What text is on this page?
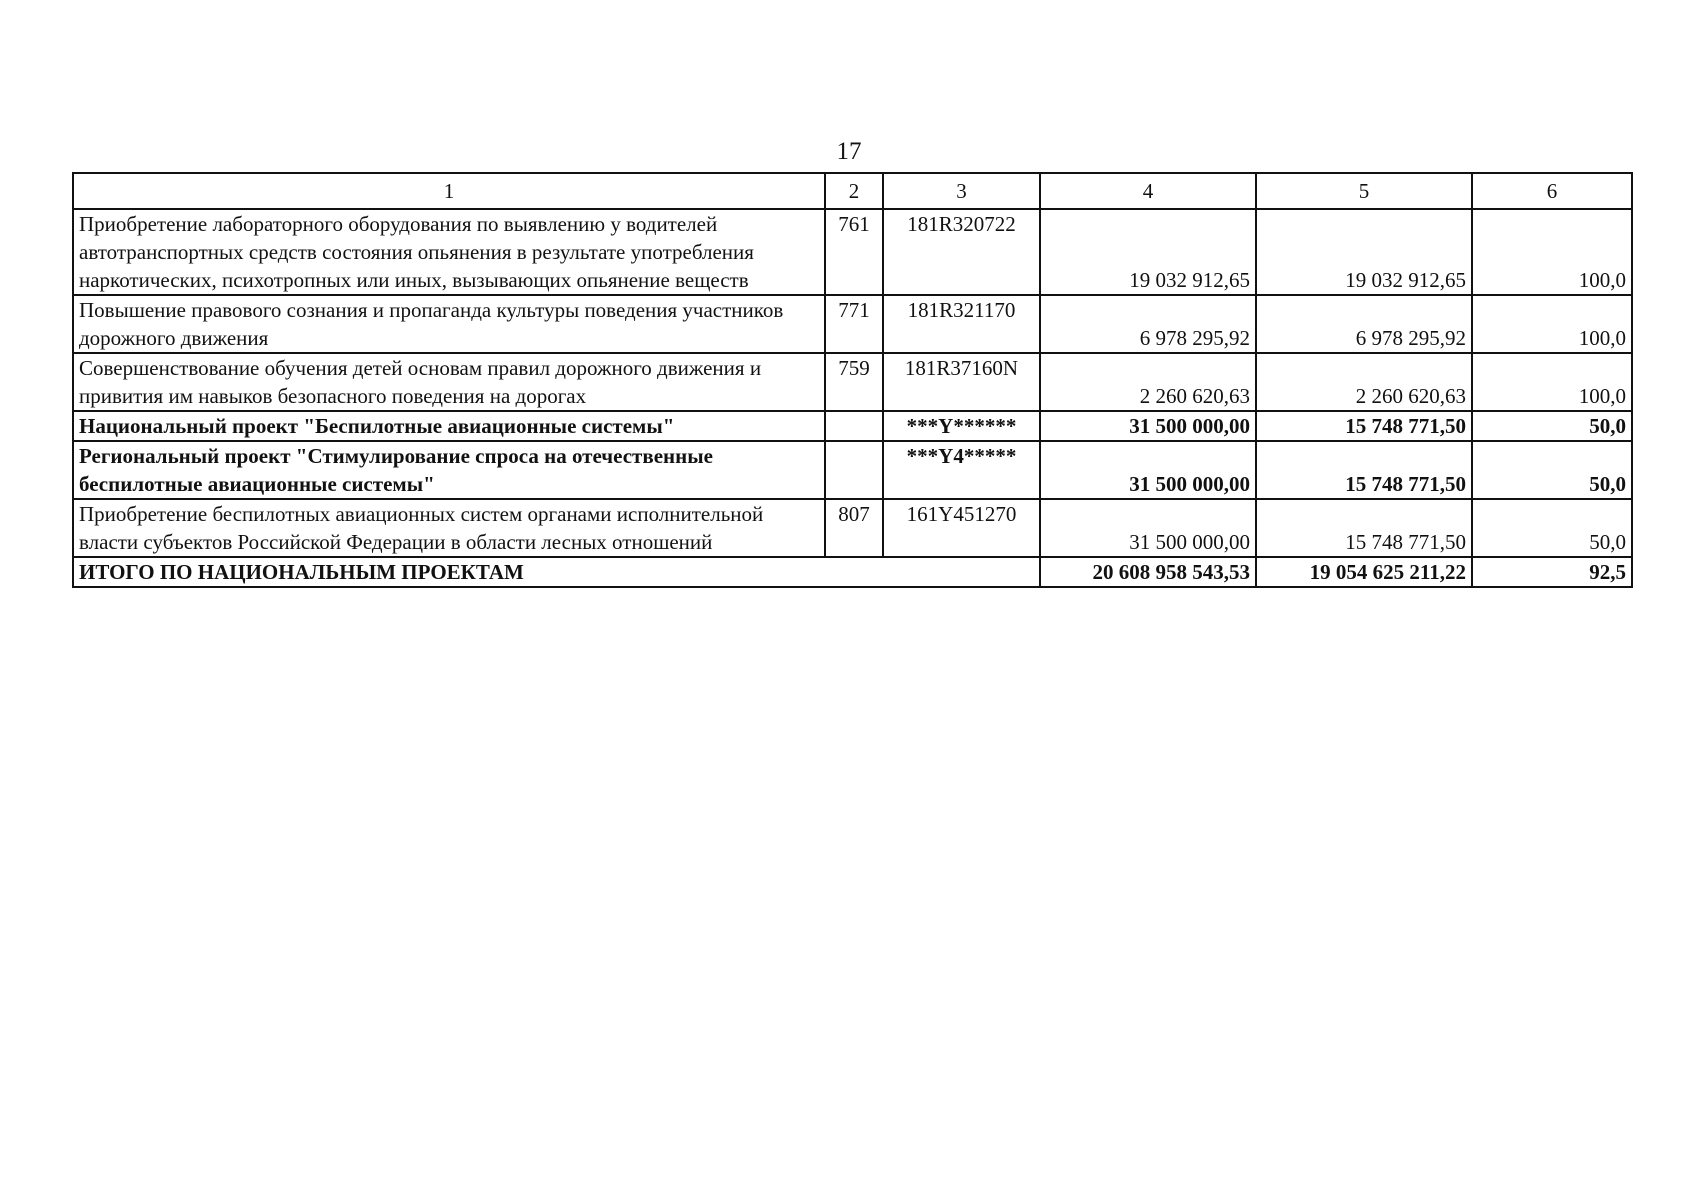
17
1	2	3	4	5	6
Приобретение лабораторного оборудования по выявлению у водителей автотранспортных средств состояния опьянения в результате употребления наркотических, психотропных или иных, вызывающих опьянение веществ	761	181R320722	19 032 912,65	19 032 912,65	100,0
Повышение правового сознания и пропаганда культуры поведения участников дорожного движения	771	181R321170	6 978 295,92	6 978 295,92	100,0
Совершенствование обучения детей основам правил дорожного движения и привития им навыков безопасного поведения на дорогах	759	181R37160N	2 260 620,63	2 260 620,63	100,0
Национальный проект "Беспилотные авиационные системы"		***Y******	31 500 000,00	15 748 771,50	50,0
Региональный проект "Стимулирование спроса на отечественные беспилотные авиационные системы"		***Y4*****	31 500 000,00	15 748 771,50	50,0
Приобретение беспилотных авиационных систем органами исполнительной власти субъектов Российской Федерации в области лесных отношений	807	161Y451270	31 500 000,00	15 748 771,50	50,0
ИТОГО ПО НАЦИОНАЛЬНЫМ ПРОЕКТАМ			20 608 958 543,53	19 054 625 211,22	92,5
